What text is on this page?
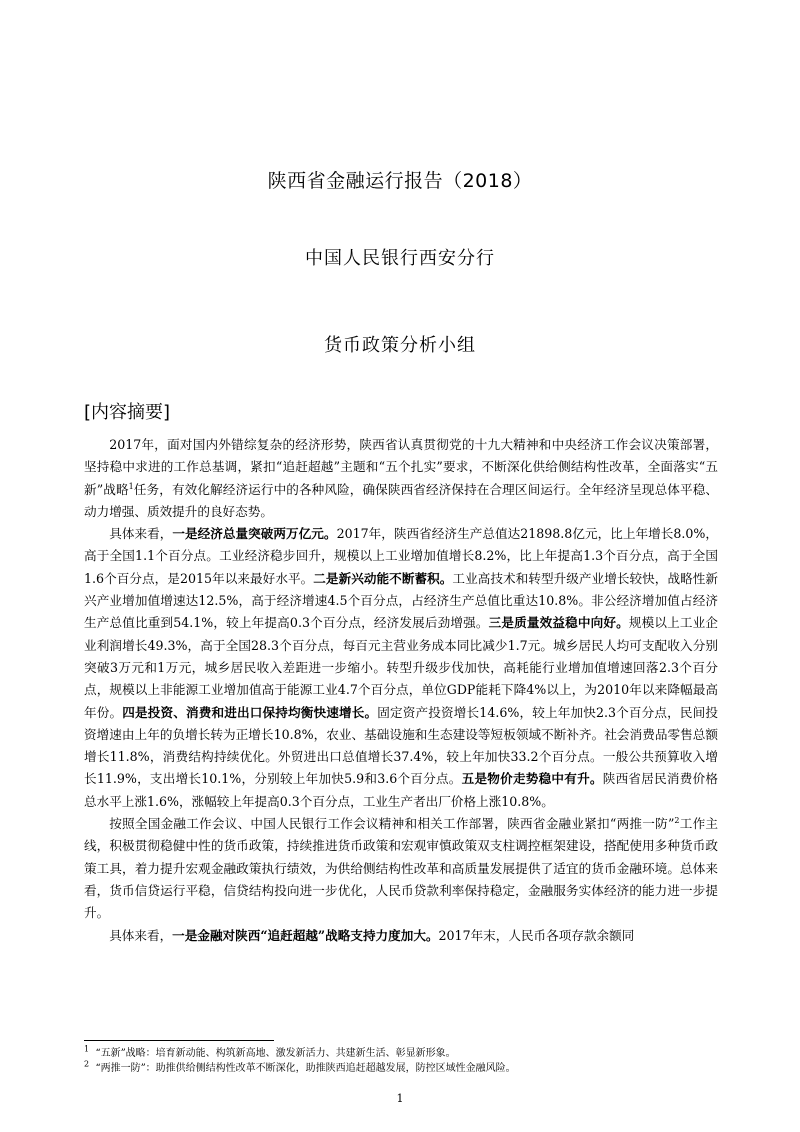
陕西省金融运行报告（2018）
中国人民银行西安分行
货币政策分析小组
[内容摘要]

2017年，面对国内外错综复杂的经济形势，陕西省认真贯彻党的十九大精神和中央经济工作会议决策部署，坚持稳中求进的工作总基调，紧扣“追赶超越”主题和“五个扎实”要求，不断深化供给侧结构性改革，全面落实“五新”战略$^1$任务，有效化解经济运行中的各种风险，确保陕西省经济保持在合理区间运行。全年经济呈现总体平稳、动力增强、质效提升的良好态势。

具体来看，一是经济总量突破两万亿元。2017年，陕西省经济生产总值达21898.8亿元，比上年增长8.0%，高于全国1.1个百分点。工业经济稳步回升，规模以上工业增加值增长8.2%，比上年提高1.3个百分点，高于全国1.6个百分点，是2015年以来最好水平。二是新兴动能不断蓄积。工业高技术和转型升级产业增长较快，战略性新兴产业增加值增速达12.5%，高于经济增速4.5个百分点，占经济生产总值比重达10.8%。非公经济增加值占经济生产总值比重到54.1%，较上年提高0.3个百分点，经济发展后劲增强。三是质量效益稳中向好。规模以上工业企业利润增长49.3%，高于全国28.3个百分点，每百元主营业务成本同比减少1.7元。城乡居民人均可支配收入分别突破3万元和1万元，城乡居民收入差距进一步缩小。转型升级步伐加快，高耗能行业增加值增速回落2.3个百分点，规模以上非能源工业增加值高于能源工业4.7个百分点，单位GDP能耗下降4%以上，为2010年以来降幅最高年份。四是投资、消费和进出口保持均衡快速增长。固定资产投资增长14.6%，较上年加快2.3个百分点，民间投资增速由上年的负增长转为正增长10.8%，农业、基础设施和生态建设等短板领域不断补齐。社会消费品零售总额增长11.8%，消费结构持续优化。外贸进出口总值增长37.4%，较上年加快33.2个百分点。一般公共预算收入增长11.9%，支出增长10.1%，分别较上年加快5.9和3.6个百分点。五是物价走势稳中有升。陕西省居民消费价格总水平上涨1.6%，涨幅较上年提高0.3个百分点，工业生产者出厂价格上涨10.8%。

按照全国金融工作会议、中国人民银行工作会议精神和相关工作部署，陕西省金融业紧扣“两推一防”$^2$工作主线，积极贯彻稳健中性的货币政策，持续推进货币政策和宏观审慎政策双支柱调控框架建设，搭配使用多种货币政策工具，着力提升宏观金融政策执行绩效，为供给侧结构性改革和高质量发展提供了适宜的货币金融环境。总体来看，货币信贷运行平稳，信贷结构投向进一步优化，人民币贷款利率保持稳定，金融服务实体经济的能力进一步提升。

具体来看，一是金融对陕西“追赶超越”战略支持力度加大。2017年末，人民币各项存款余额同

$^1$ “五新”战略：培育新动能、构筑新高地、激发新活力、共建新生活、彰显新形象。
$^2$ “两推一防”：助推供给侧结构性改革不断深化，助推陕西追赶超越发展，防控区域性金融风险。
1
